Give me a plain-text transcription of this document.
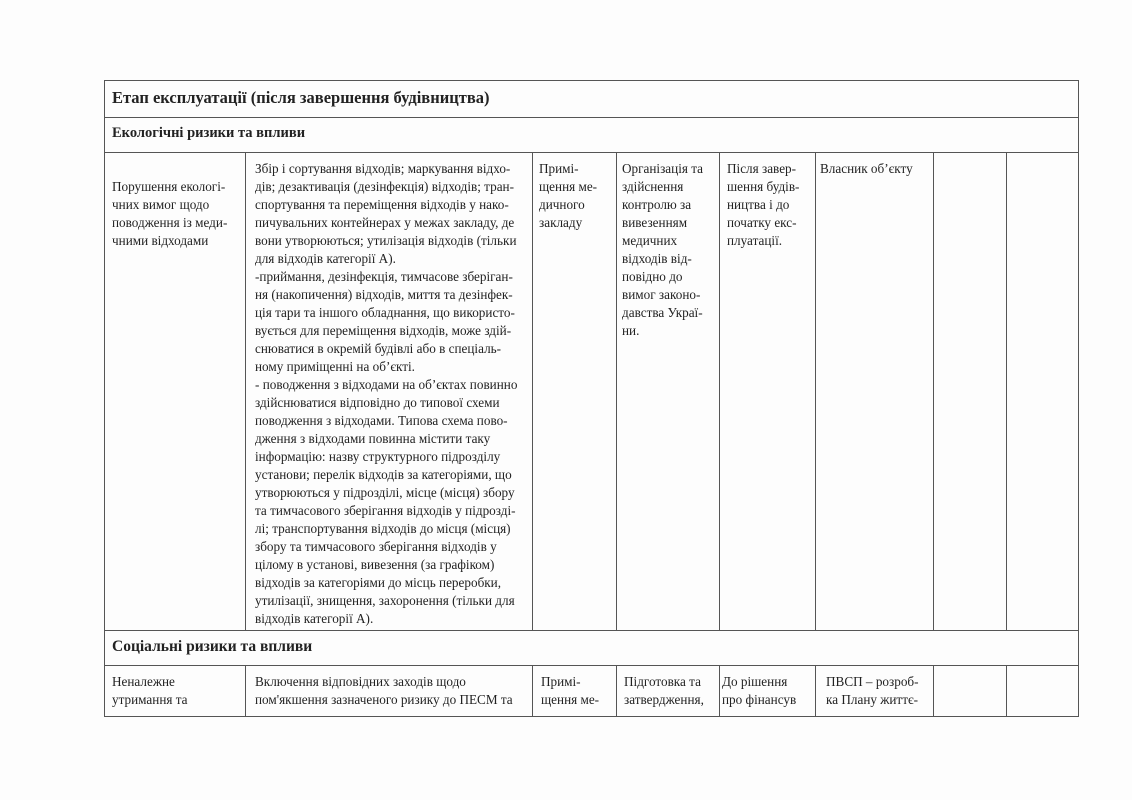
Етап експлуатації (після завершення будівництва)
Екологічні ризики та впливи
Соціальні ризики та впливи
Порушення екологі-
чних вимог щодо
поводження із меди-
чними відходами
Збір і сортування відходів; маркування відхо-
дів; дезактивація (дезінфекція) відходів; тран-
спортування та переміщення відходів у нако-
пичувальних контейнерах у межах закладу, де
вони утворюються; утилізація відходів (тільки
для відходів категорії А).
-приймання, дезінфекція, тимчасове зберіган-
ня (накопичення) відходів, миття та дезінфек-
ція тари та іншого обладнання, що використо-
вується для переміщення відходів, може здій-
снюватися в окремій будівлі або в спеціаль-
ному приміщенні на об’єкті.
- поводження з відходами на об’єктах повинно
здійснюватися відповідно до типової схеми
поводження з відходами. Типова схема пово-
дження з відходами повинна містити таку
інформацію: назву структурного підрозділу
установи; перелік відходів за категоріями, що
утворюються у підрозділі, місце (місця) збору
та тимчасового зберігання відходів у підрозді-
лі; транспортування відходів до місця (місця)
збору та тимчасового зберігання відходів у
цілому в установі, вивезення (за графіком)
відходів за категоріями до місць переробки,
утилізації, знищення, захоронення (тільки для
відходів категорії А).
Примі-
щення ме-
дичного
закладу
Організація та
здійснення
контролю за
вивезенням
медичних
відходів від-
повідно до
вимог законо-
давства Украї-
ни.
Після завер-
шення будів-
ництва і до
початку екс-
плуатації.
Власник об’єкту
Неналежне
утримання та
Включення відповідних заходів щодо
пом'якшення зазначеного ризику до ПЕСМ та
Примі-
щення ме-
Підготовка та
затвердження,
До рішення
про фінансув
ПВСП – розроб-
ка Плану життє-
